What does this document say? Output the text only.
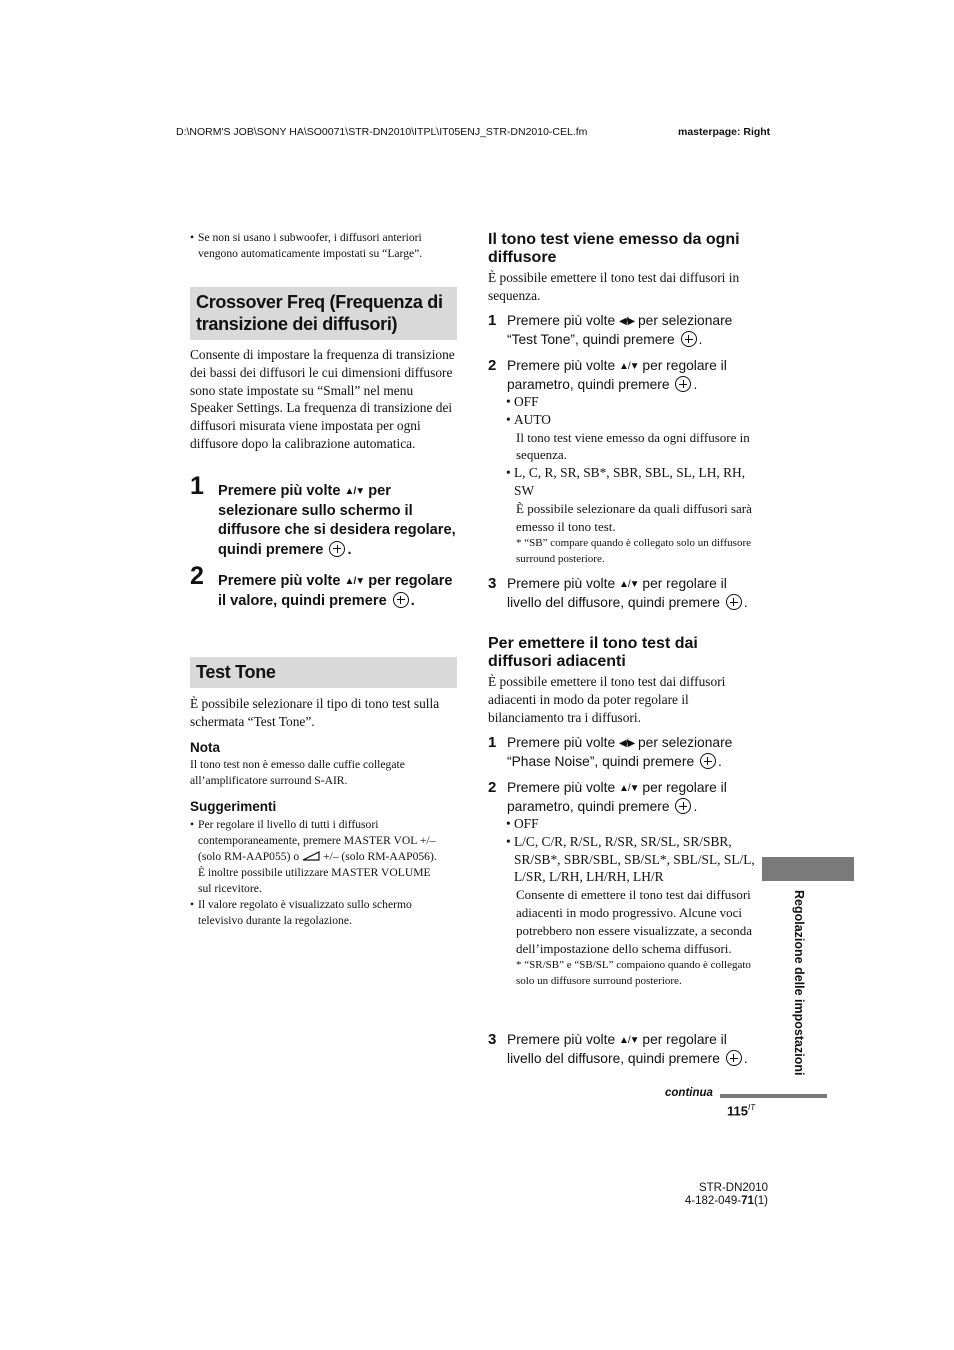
D:\NORM'S JOB\SONY HA\SO0071\STR-DN2010\ITPL\IT05ENJ_STR-DN2010-CEL.fm	masterpage: Right
• Se non si usano i subwoofer, i diffusori anteriori vengono automaticamente impostati su “Large”.
Crossover Freq (Frequenza di transizione dei diffusori)
Consente di impostare la frequenza di transizione dei bassi dei diffusori le cui dimensioni diffusore sono state impostate su “Small” nel menu Speaker Settings. La frequenza di transizione dei diffusori misurata viene impostata per ogni diffusore dopo la calibrazione automatica.
1 Premere più volte ▲/▼ per selezionare sullo schermo il diffusore che si desidera regolare, quindi premere .
2 Premere più volte ▲/▼ per regolare il valore, quindi premere .
Test Tone
È possibile selezionare il tipo di tono test sulla schermata “Test Tone”.
Nota
Il tono test non è emesso dalle cuffie collegate all’amplificatore surround S-AIR.
Suggerimenti
• Per regolare il livello di tutti i diffusori contemporaneamente, premere MASTER VOL +/– (solo RM-AAP055) o +/– (solo RM-AAP056). È inoltre possibile utilizzare MASTER VOLUME sul ricevitore.
• Il valore regolato è visualizzato sullo schermo televisivo durante la regolazione.
Il tono test viene emesso da ogni diffusore
È possibile emettere il tono test dai diffusori in sequenza.
1 Premere più volte ◀/▶ per selezionare “Test Tone”, quindi premere .
2 Premere più volte ▲/▼ per regolare il parametro, quindi premere .
• OFF
• AUTO
Il tono test viene emesso da ogni diffusore in sequenza.
• L, C, R, SR, SB*, SBR, SBL, SL, LH, RH, SW
È possibile selezionare da quali diffusori sarà emesso il tono test.
* “SB” compare quando è collegato solo un diffusore surround posteriore.
3 Premere più volte ▲/▼ per regolare il livello del diffusore, quindi premere .
Per emettere il tono test dai diffusori adiacenti
È possibile emettere il tono test dai diffusori adiacenti in modo da poter regolare il bilanciamento tra i diffusori.
1 Premere più volte ◀/▶ per selezionare “Phase Noise”, quindi premere .
2 Premere più volte ▲/▼ per regolare il parametro, quindi premere .
• OFF
• L/C, C/R, R/SL, R/SR, SR/SL, SR/SBR, SR/SB*, SBR/SBL, SB/SL*, SBL/SL, SL/L, L/SR, L/RH, LH/RH, LH/R
Consente di emettere il tono test dai diffusori adiacenti in modo progressivo. Alcune voci potrebbero non essere visualizzate, a seconda dell’impostazione dello schema diffusori.
* “SR/SB” e “SB/SL” compaiono quando è collegato solo un diffusore surround posteriore.
3 Premere più volte ▲/▼ per regolare il livello del diffusore, quindi premere .	Regolazione delle impostazioni
continua
$115^{IT}$
STR-DN2010
4-182-049-71(1)
